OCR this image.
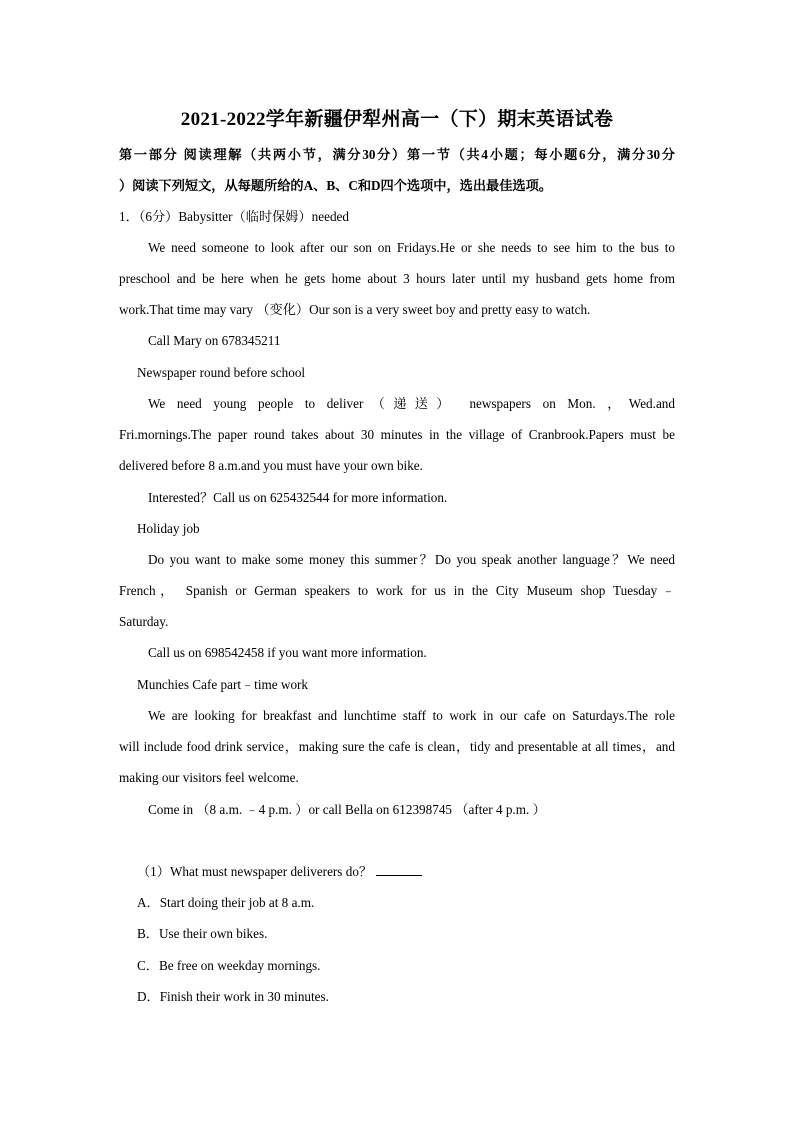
2021-2022学年新疆伊犁州高一（下）期末英语试卷
第一部分 阅读理解（共两小节，满分30分）第一节（共4小题；每小题6分，满分30分
）阅读下列短文，从每题所给的A、B、C和D四个选项中，选出最佳选项。
1．（6分）Babysitter（临时保姆）needed
We need someone to look after our son on Fridays.He or she needs to see him to the bus to
preschool and be here when he gets home about 3 hours later until my husband gets home from
work.That time may vary （变化）Our son is a very sweet boy and pretty easy to watch.
Call Mary on 678345211
Newspaper round before school
We need young people to deliver（递送） newspapers on Mon. ，Wed.and
Fri.mornings.The paper round takes about 30 minutes in the village of Cranbrook.Papers must be
delivered before 8 a.m.and you must have your own bike.
Interested？Call us on 625432544 for more information.
Holiday job
Do you want to make some money this summer？Do you speak another language？We need
French， Spanish or German speakers to work for us in the City Museum shop Tuesday﹣
Saturday.
Call us on 698542458 if you want more information.
Munchies Cafe part﹣time work
We are looking for breakfast and lunchtime staff to work in our cafe on Saturdays.The role
will include food drink service，making sure the cafe is clean，tidy and presentable at all times，and
making our visitors feel welcome.
Come in （8 a.m. ﹣4 p.m. ）or call Bella on 612398745 （after 4 p.m. ）
（1）What must newspaper deliverers do？
A．Start doing their job at 8 a.m.
B．Use their own bikes.
C．Be free on weekday mornings.
D．Finish their work in 30 minutes.
